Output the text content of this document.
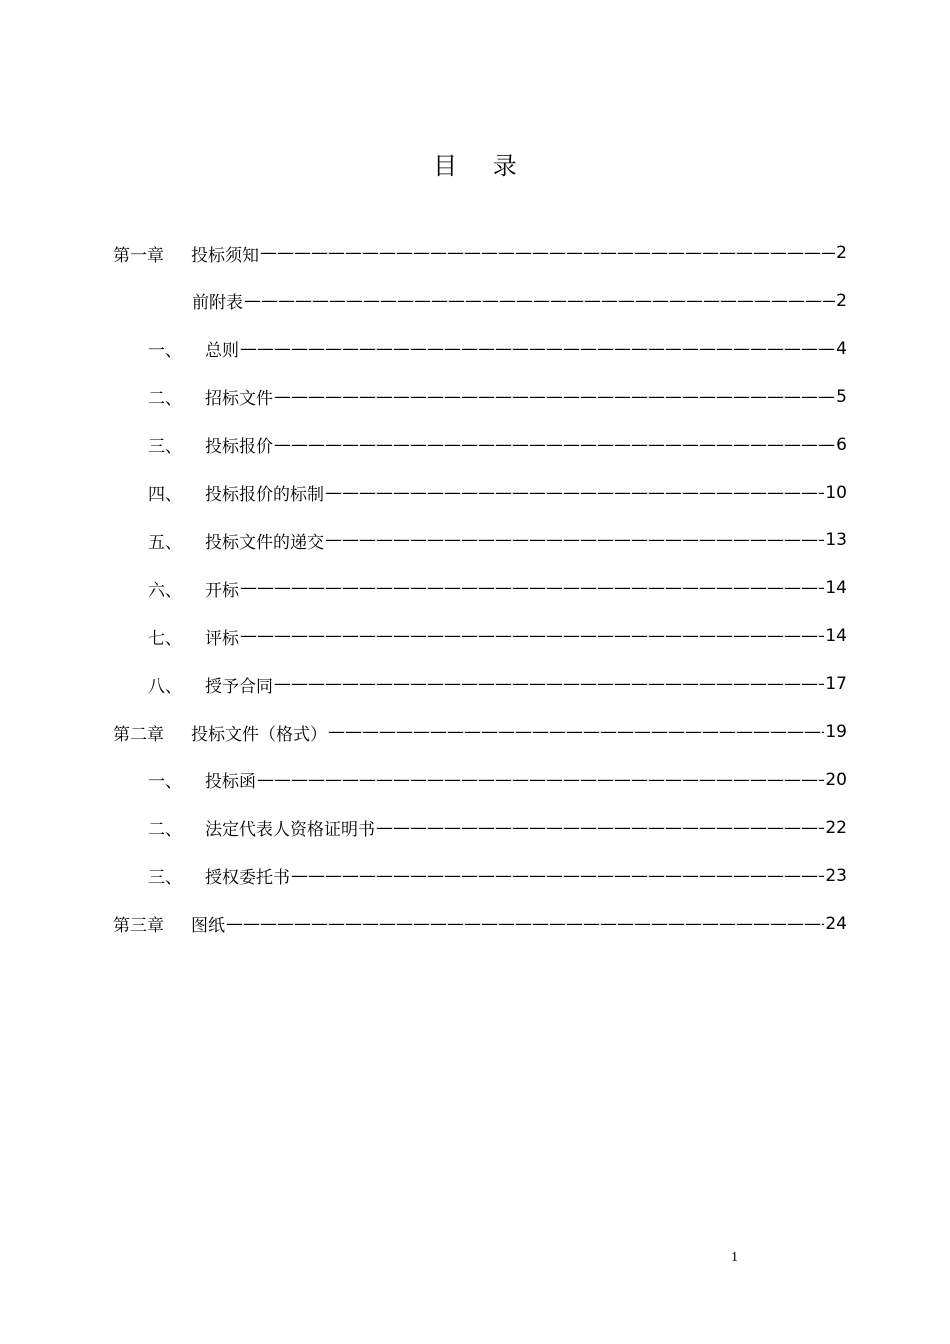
目 录
第一章	投标须知 —————	2
前附表 —————	2
一、	总则 —————	4
二、	招标文件 —————	5
三、	投标报价 —————	6
四、	投标报价的标制 —————	10
五、	投标文件的递交 —————	13
六、	开标 —————	14
七、	评标 —————	14
八、	授予合同 —————	17
第二章	投标文件（格式） —————	19
一、	投标函 —————	20
二、	法定代表人资格证明书 —————	22
三、	授权委托书 —————	23
第三章	图纸 —————	24
1
